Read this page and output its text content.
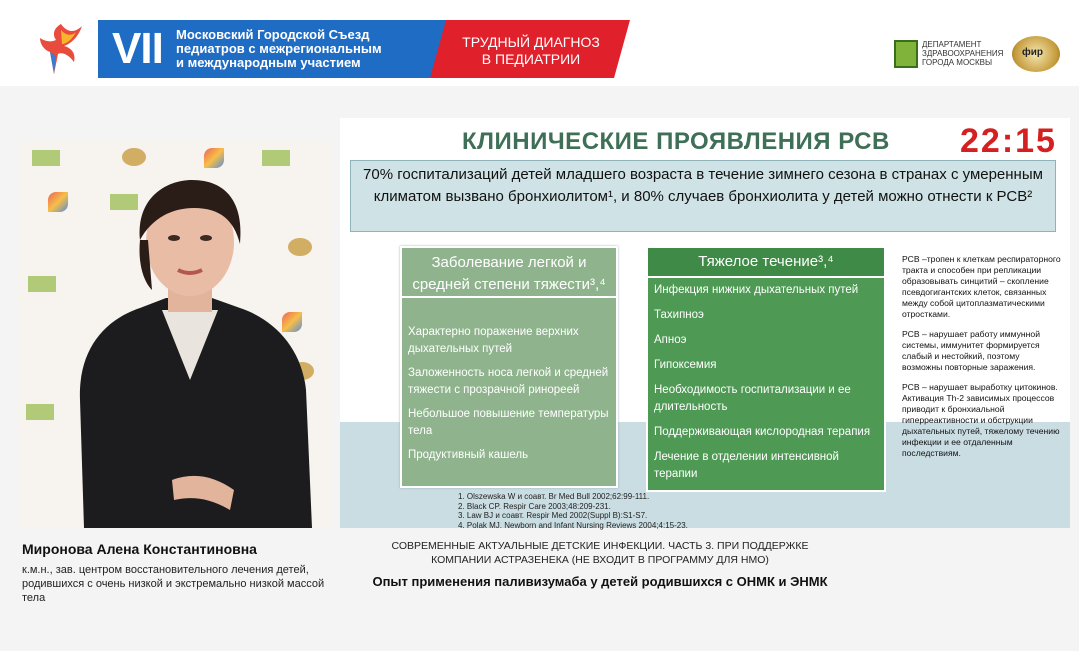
VII Московский Городской Съезд
педиатров с межрегиональным
и международным участием
ТРУДНЫЙ ДИАГНОЗ
В ПЕДИАТРИИ
ДЕПАРТАМЕНТ
ЗДРАВООХРАНЕНИЯ
ГОРОДА МОСКВЫ
фир
Миронова Алена Константиновна
к.м.н., зав. центром восстановительного лечения детей, родившихся с очень низкой и экстремально низкой массой тела
КЛИНИЧЕСКИЕ ПРОЯВЛЕНИЯ РСВ 22:15
70% госпитализаций детей младшего возраста в течение зимнего сезона в странах с умеренным климатом вызвано бронхиолитом¹, и 80% случаев бронхиолита у детей можно отнести к РСВ²
Заболевание легкой и средней степени тяжести³,⁴
Характерно поражение верхних дыхательных путей
Заложенность носа легкой и средней тяжести с прозрачной ринореей
Небольшое повышение температуры тела
Продуктивный кашель
Тяжелое течение³,⁴
Инфекция нижних дыхательных путей
Тахипноэ
Апноэ
Гипоксемия
Необходимость госпитализации и ее длительность
Поддерживающая кислородная терапия
Лечение в отделении интенсивной терапии

РСВ –тропен к клеткам респираторного тракта и способен при репликации образовывать синцитий – скопление псевдогигантских клеток, связанных между собой цитоплазматическими отростками.

РСВ – нарушает работу иммунной системы, иммунитет формируется слабый и нестойкий, поэтому возможны повторные заражения.

РСВ – нарушает выработку цитокинов. Активация Th-2 зависимых процессов приводит к бронхиальной гиперреактивности и обструкции дыхательных путей, тяжелому течению инфекции и ее отдаленным последствиям.

1. Olszewska W и соавт. Br Med Bull 2002;62:99-111.
2. Black CP. Respir Care 2003;48:209-231.
3. Law BJ и соавт. Respir Med 2002(Suppl B):S1-S7.
4. Polak MJ. Newborn and Infant Nursing Reviews 2004;4:15-23.
СОВРЕМЕННЫЕ АКТУАЛЬНЫЕ ДЕТСКИЕ ИНФЕКЦИИ. ЧАСТЬ 3. ПРИ ПОДДЕРЖКЕ КОМПАНИИ АСТРАЗЕНЕКА (НЕ ВХОДИТ В ПРОГРАММУ ДЛЯ НМО)
Опыт применения паливизумаба у детей родившихся с ОНМК и ЭНМК
